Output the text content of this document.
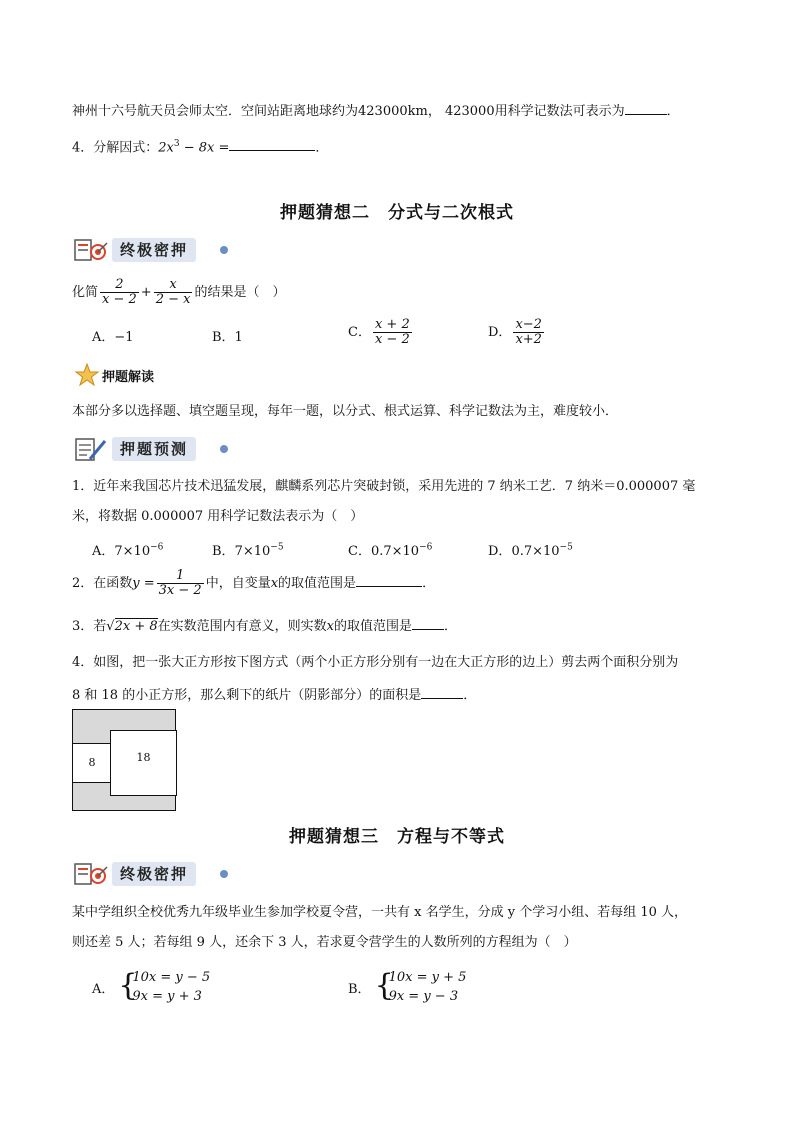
神州十六号航天员会师太空．空间站距离地球约为423000km， 423000用科学记数法可表示为	．
4．分解因式：$2x^3 - 8x$ =	．
押题猜想二　分式与二次根式
终极密押
化简 $\frac{2}{x - 2} + \frac{x}{2 - x}$ 的结果是（　）
A．−1	B．1	C． $\frac{x + 2}{x - 2}$	D． $\frac{x-2}{x+2}$
押题解读
本部分多以选择题、填空题呈现，每年一题，以分式、根式运算、科学记数法为主，难度较小．
押题预测
1．近年来我国芯片技术迅猛发展，麒麟系列芯片突破封锁，采用先进的 7 纳米工艺．7 纳米＝0.000007 毫
米，将数据 0.000007 用科学记数法表示为（　）
A．$7\times 10^{-6}$	B．$7\times 10^{-5}$	C．$0.7\times 10^{-6}$	D．$0.7\times 10^{-5}$
2．在函数$y = \frac{1}{3x - 2}$ 中，自变量x的取值范围是	．
3．若√2x + 8在实数范围内有意义，则实数x的取值范围是 ．
4．如图，把一张大正方形按下图方式（两个小正方形分别有一边在大正方形的边上）剪去两个面积分别为
8 和 18 的小正方形，那么剩下的纸片（阴影部分）的面积是	．
8	18
押题猜想三　方程与不等式
终极密押
某中学组织全校优秀九年级毕业生参加学校夏令营，一共有 x 名学生，分成 y 个学习小组、若每组 10 人，
则还差 5 人；若每组 9 人，还余下 3 人，若求夏令营学生的人数所列的方程组为（　）
A． {
10x = y − 5
9x = y + 3	B． {
10x = y + 5
9x = y − 3
